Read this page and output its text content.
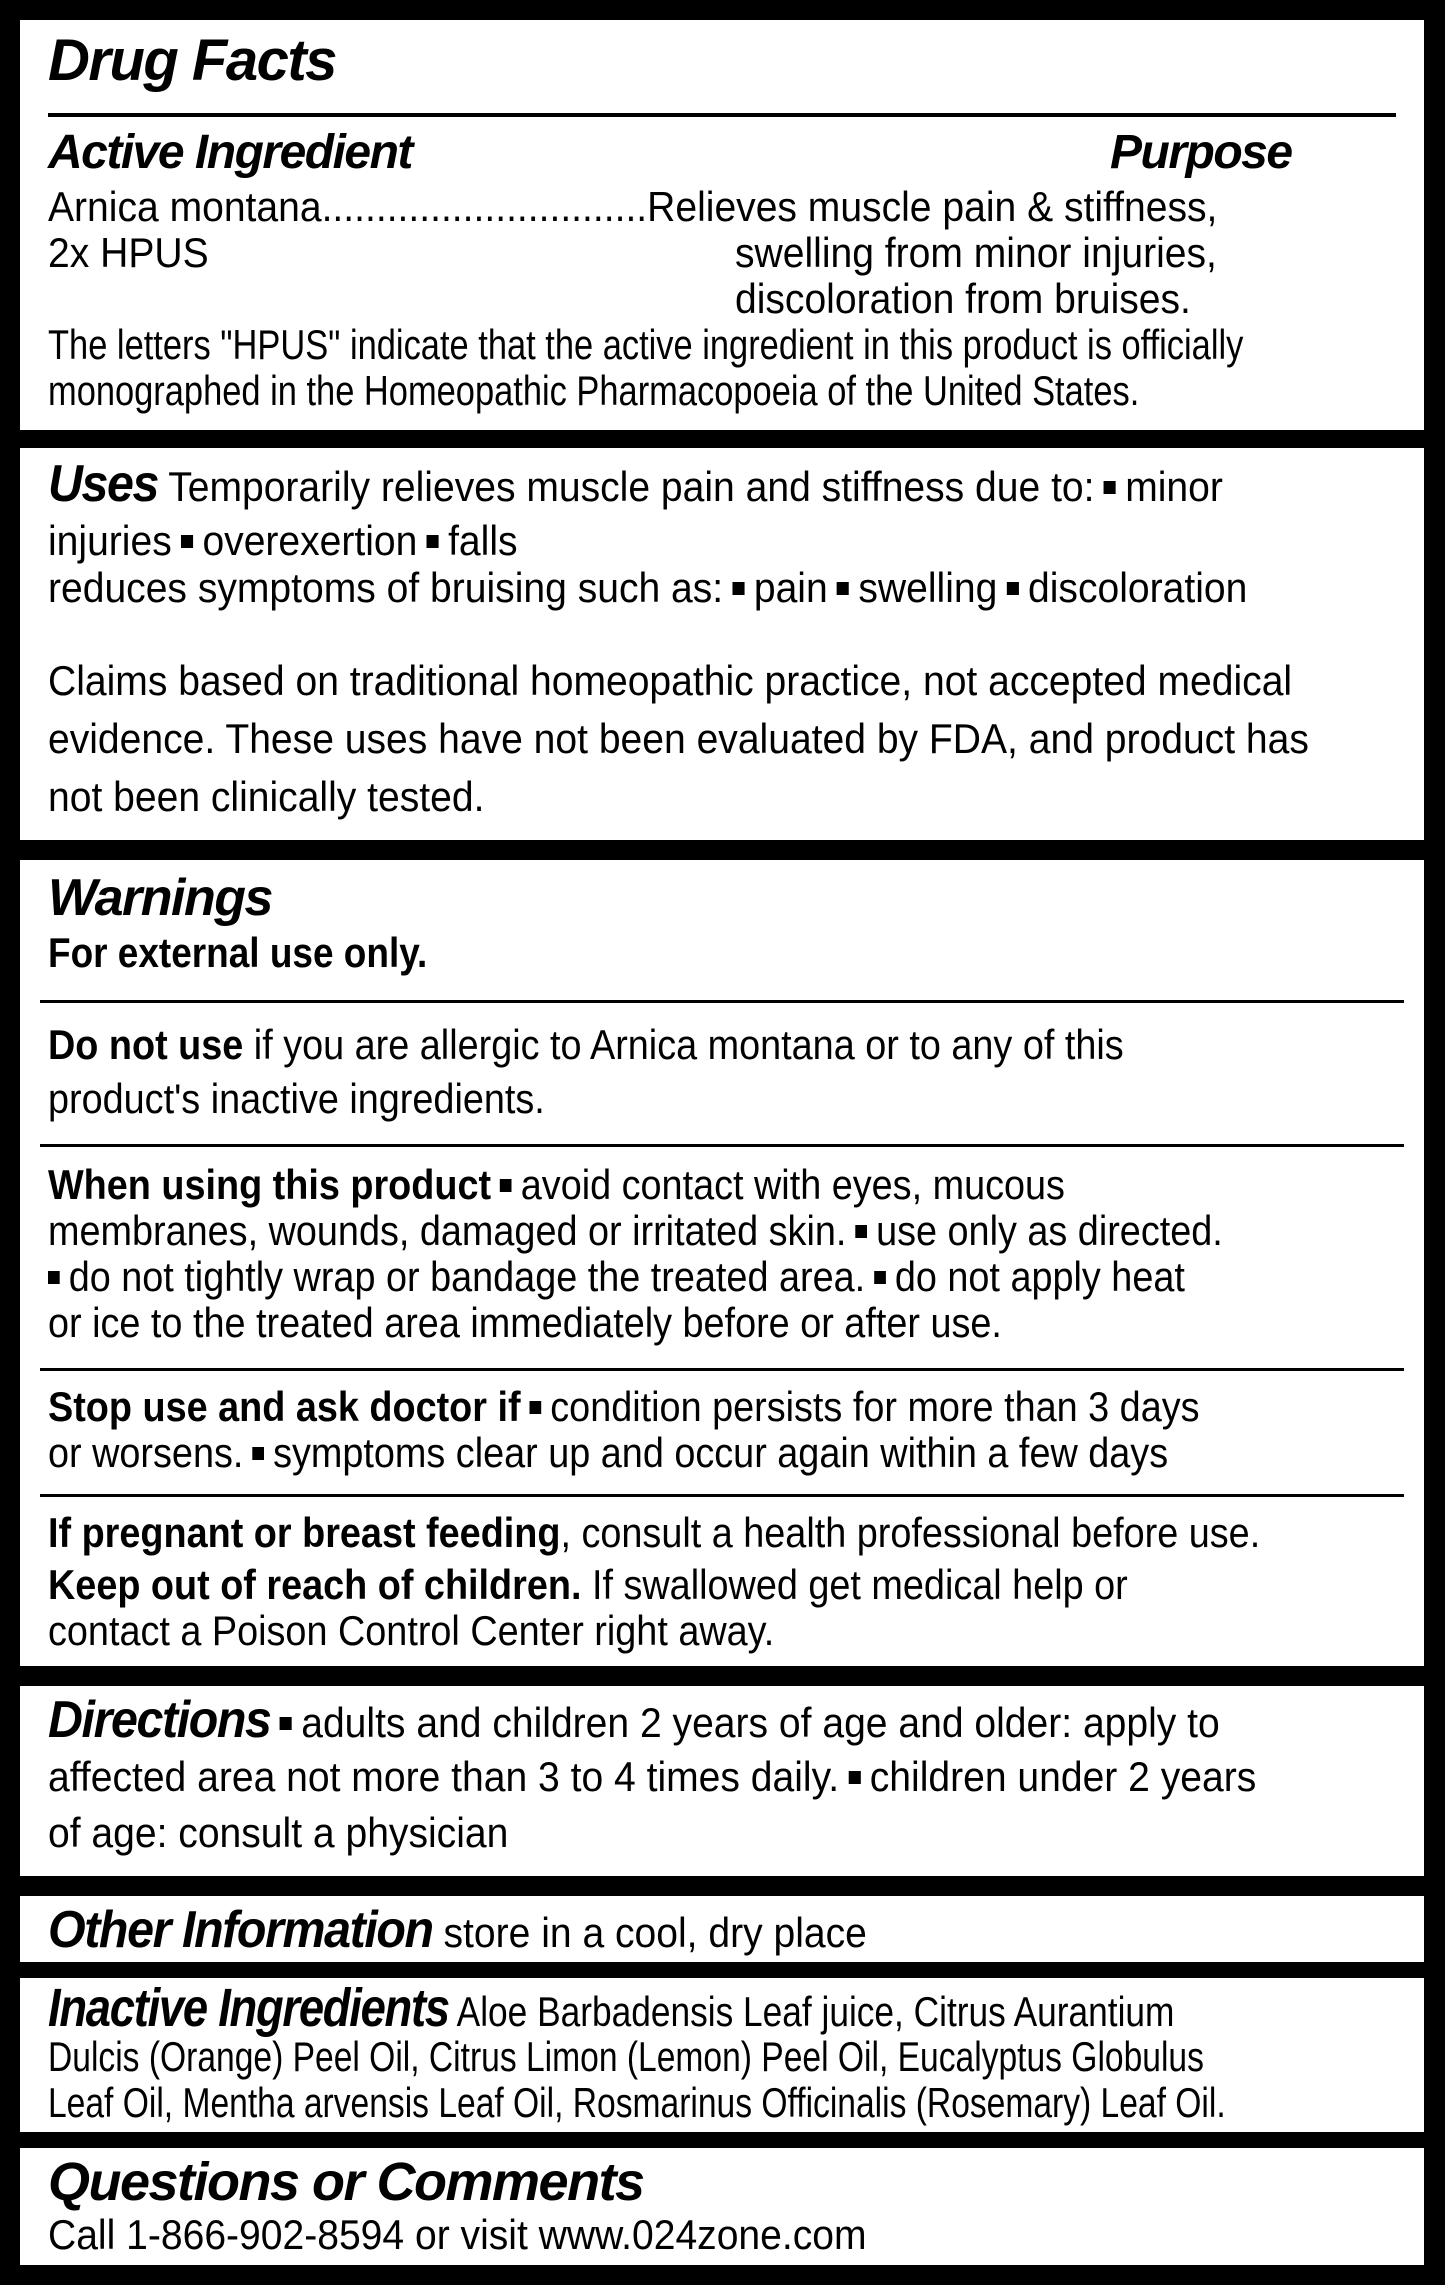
Drug Facts
Active Ingredient	Purpose
Arnica montana..............................Relieves muscle pain & stiffness,
2x HPUS	swelling from minor injuries,
discoloration from bruises.
The letters "HPUS" indicate that the active ingredient in this product is officially
monographed in the Homeopathic Pharmacopoeia of the United States.
Uses Temporarily relieves muscle pain and stiffness due to: minor
injuries overexertion falls
reduces symptoms of bruising such as: pain swelling discoloration
Claims based on traditional homeopathic practice, not accepted medical
evidence. These uses have not been evaluated by FDA, and product has
not been clinically tested.
Warnings
For external use only.
Do not use if you are allergic to Arnica montana or to any of this
product's inactive ingredients.
When using this product avoid contact with eyes, mucous
membranes, wounds, damaged or irritated skin. use only as directed.
do not tightly wrap or bandage the treated area. do not apply heat
or ice to the treated area immediately before or after use.
Stop use and ask doctor if condition persists for more than 3 days
or worsens. symptoms clear up and occur again within a few days
If pregnant or breast feeding, consult a health professional before use.
Keep out of reach of children. If swallowed get medical help or
contact a Poison Control Center right away.
Directions adults and children 2 years of age and older: apply to
affected area not more than 3 to 4 times daily. children under 2 years
of age: consult a physician
Other Information store in a cool, dry place
Inactive Ingredients Aloe Barbadensis Leaf juice, Citrus Aurantium
Dulcis (Orange) Peel Oil, Citrus Limon (Lemon) Peel Oil, Eucalyptus Globulus
Leaf Oil, Mentha arvensis Leaf Oil, Rosmarinus Officinalis (Rosemary) Leaf Oil.
Questions or Comments
Call 1-866-902-8594 or visit www.024zone.com
